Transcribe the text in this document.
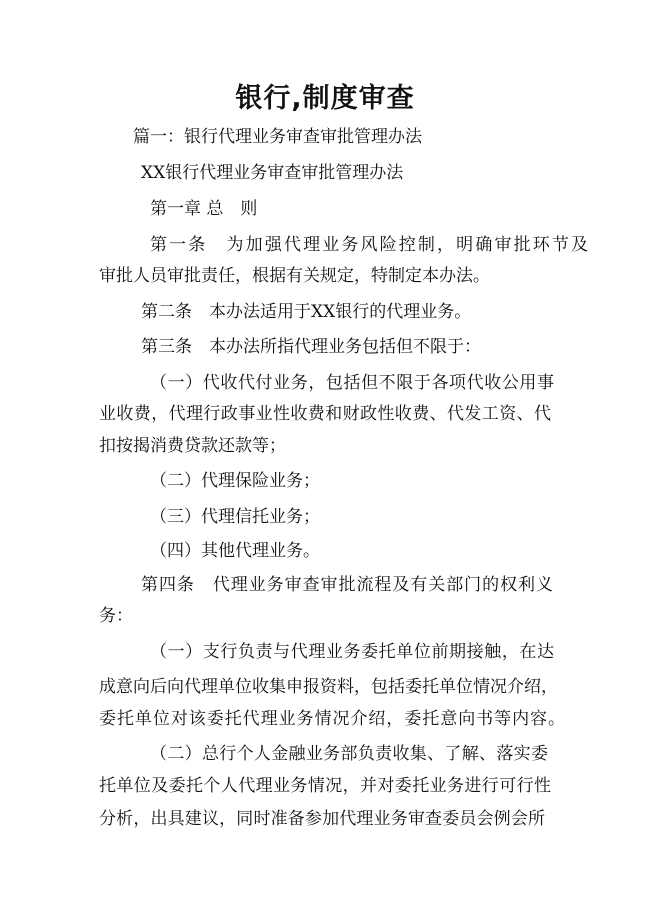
银行,制度审查
篇一：银行代理业务审查审批管理办法
XX银行代理业务审查审批管理办法
第一章 总　则
第一条　为加强代理业务风险控制，明确审批环节及
审批人员审批责任，根据有关规定，特制定本办法。
第二条　本办法适用于XX银行的代理业务。
第三条　本办法所指代理业务包括但不限于：
（一）代收代付业务，包括但不限于各项代收公用事
业收费，代理行政事业性收费和财政性收费、代发工资、代
扣按揭消费贷款还款等；
（二）代理保险业务；
（三）代理信托业务；
（四）其他代理业务。
第四条　代理业务审查审批流程及有关部门的权利义
务：
（一）支行负责与代理业务委托单位前期接触，在达
成意向后向代理单位收集申报资料，包括委托单位情况介绍，
委托单位对该委托代理业务情况介绍，委托意向书等内容。
（二）总行个人金融业务部负责收集、了解、落实委
托单位及委托个人代理业务情况，并对委托业务进行可行性
分析，出具建议，同时准备参加代理业务审查委员会例会所
